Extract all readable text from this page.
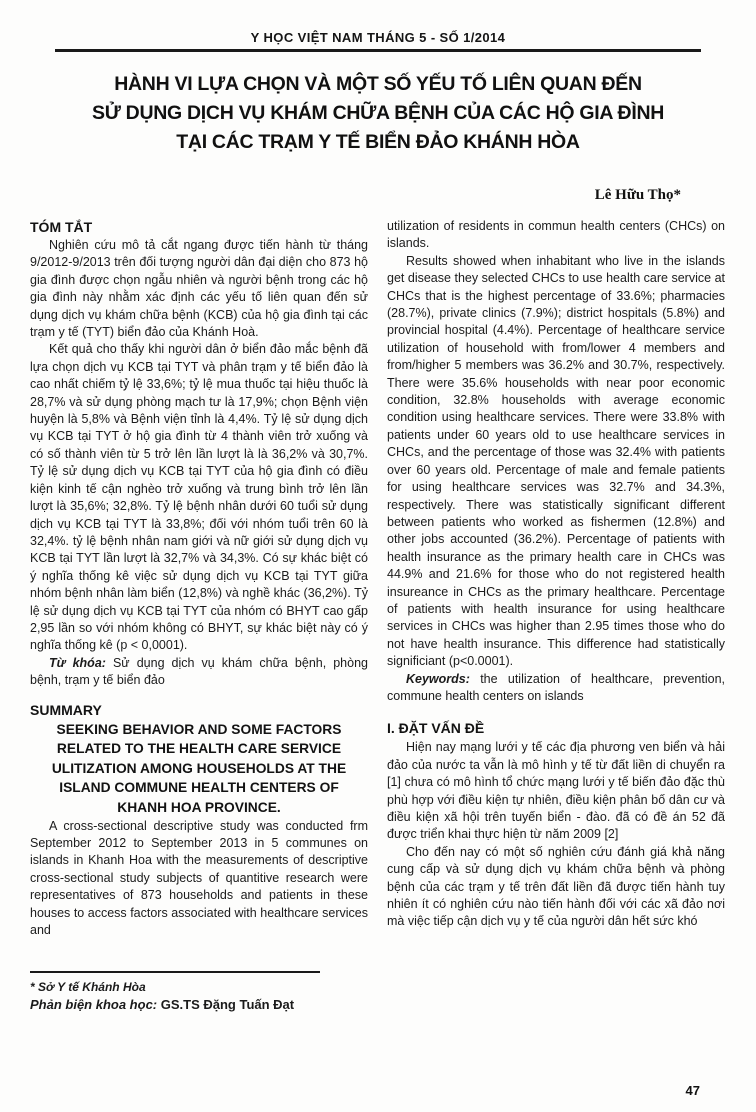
Y HỌC VIỆT NAM THÁNG 5 - SỐ 1/2014
HÀNH VI LỰA CHỌN VÀ MỘT SỐ YẾU TỐ LIÊN QUAN ĐẾN
SỬ DỤNG DỊCH VỤ KHÁM CHỮA BỆNH CỦA CÁC HỘ GIA ĐÌNH
TẠI CÁC TRẠM Y TẾ BIỂN ĐẢO KHÁNH HÒA
Lê Hữu Thọ*
TÓM TẮT

Nghiên cứu mô tả cắt ngang được tiến hành từ tháng 9/2012-9/2013 trên đối tượng người dân đại diện cho 873 hộ gia đình được chọn ngẫu nhiên và người bệnh trong các hộ gia đình này nhằm xác định các yếu tố liên quan đến sử dụng dịch vụ khám chữa bệnh (KCB) của hộ gia đình tại các trạm y tế (TYT) biển đảo của Khánh Hoà.

Kết quả cho thấy khi người dân ở biển đảo mắc bệnh đã lựa chọn dịch vụ KCB tại TYT và phân trạm y tế biển đảo là cao nhất chiếm tỷ lệ 33,6%; tỷ lệ mua thuốc tại hiệu thuốc là 28,7% và sử dụng phòng mạch tư là 17,9%; chọn Bệnh viện huyện là 5,8% và Bệnh viện tỉnh là 4,4%. Tỷ lệ sử dụng dịch vụ KCB tại TYT ở hộ gia đình từ 4 thành viên trở xuống và có số thành viên từ 5 trở lên lần lượt là là 36,2% và 30,7%. Tỷ lệ sử dụng dịch vụ KCB tại TYT của hộ gia đình có điều kiện kinh tế cận nghèo trở xuống và trung bình trở lên lần lượt là 35,6%; 32,8%. Tỷ lệ bệnh nhân dưới 60 tuổi sử dụng dịch vụ KCB tại TYT là 33,8%; đối với nhóm tuổi trên 60 là 32,4%. tỷ lệ bệnh nhân nam giới và nữ giới sử dụng dịch vụ KCB tại TYT lần lượt là 32,7% và 34,3%. Có sự khác biệt có ý nghĩa thống kê việc sử dụng dịch vụ KCB tại TYT giữa nhóm bệnh nhân làm biển (12,8%) và nghề khác (36,2%). Tỷ lệ sử dụng dịch vụ KCB tại TYT của nhóm có BHYT cao gấp 2,95 lần so với nhóm không có BHYT, sự khác biệt này có ý nghĩa thống kê (p < 0,0001).

Từ khóa: Sử dụng dịch vụ khám chữa bệnh, phòng bệnh, trạm y tế biển đảo

SUMMARY
SEEKING BEHAVIOR AND SOME FACTORS RELATED TO THE HEALTH CARE SERVICE ULITIZATION AMONG HOUSEHOLDS AT THE ISLAND COMMUNE HEALTH CENTERS OF KHANH HOA PROVINCE.

A cross-sectional descriptive study was conducted frm September 2012 to September 2013 in 5 communes on islands in Khanh Hoa with the measurements of descriptive cross-sectional study subjects of quantitive research were representatives of 873 households and patients in these houses to access factors associated with healthcare services and

* Sở Y tế Khánh Hòa
Phản biện khoa học: GS.TS Đặng Tuấn Đạt

utilization of residents in commun health centers (CHCs) on islands.

Results showed when inhabitant who live in the islands get disease they selected CHCs to use health care service at CHCs that is the highest percentage of 33.6%; pharmacies (28.7%), private clinics (7.9%); district hospitals (5.8%) and provincial hospital (4.4%). Percentage of healthcare service utilization of household with from/lower 4 members and from/higher 5 members was 36.2% and 30.7%, respectively. There were 35.6% households with near poor economic condition, 32.8% households with average economic condition using healthcare services. There were 33.8% with patients under 60 years old to use healthcare services in CHCs, and the percentage of those was 32.4% with patients over 60 years old. Percentage of male and female patients for using healthcare services was 32.7% and 34.3%, respectively. There was statistically significant different between patients who worked as fishermen (12.8%) and other jobs accounted (36.2%). Percentage of patients with health insurance as the primary health care in CHCs was 44.9% and 21.6% for those who do not registered health insureance in CHCs as the primary healthcare. Percentage of patients with health insurance for using healthcare services in CHCs was higher than 2.95 times those who do not have health insurance. This difference had statistically significiant (p<0.0001).

Keywords: the utilization of healthcare, prevention, commune health centers on islands

I. ĐẶT VẤN ĐỀ

Hiện nay mạng lưới y tế các địa phương ven biển và hải đảo của nước ta vẫn là mô hình y tế từ đất liền di chuyển ra [1] chưa có mô hình tổ chức mạng lưới y tế biến đảo đặc thù phù hợp với điều kiện tự nhiên, điều kiện phân bố dân cư và điều kiện xã hội trên tuyến biển - đào. đã có đề án 52 đã được triển khai thực hiện từ năm 2009 [2]

Cho đến nay có một số nghiên cứu đánh giá khả năng cung cấp và sử dụng dịch vụ khám chữa bệnh và phòng bệnh của các trạm y tế trên đất liền đã được tiến hành tuy nhiên ít có nghiên cứu nào tiến hành đối với các xã đảo nơi mà việc tiếp cận dịch vụ y tế của người dân hết sức khó

47
